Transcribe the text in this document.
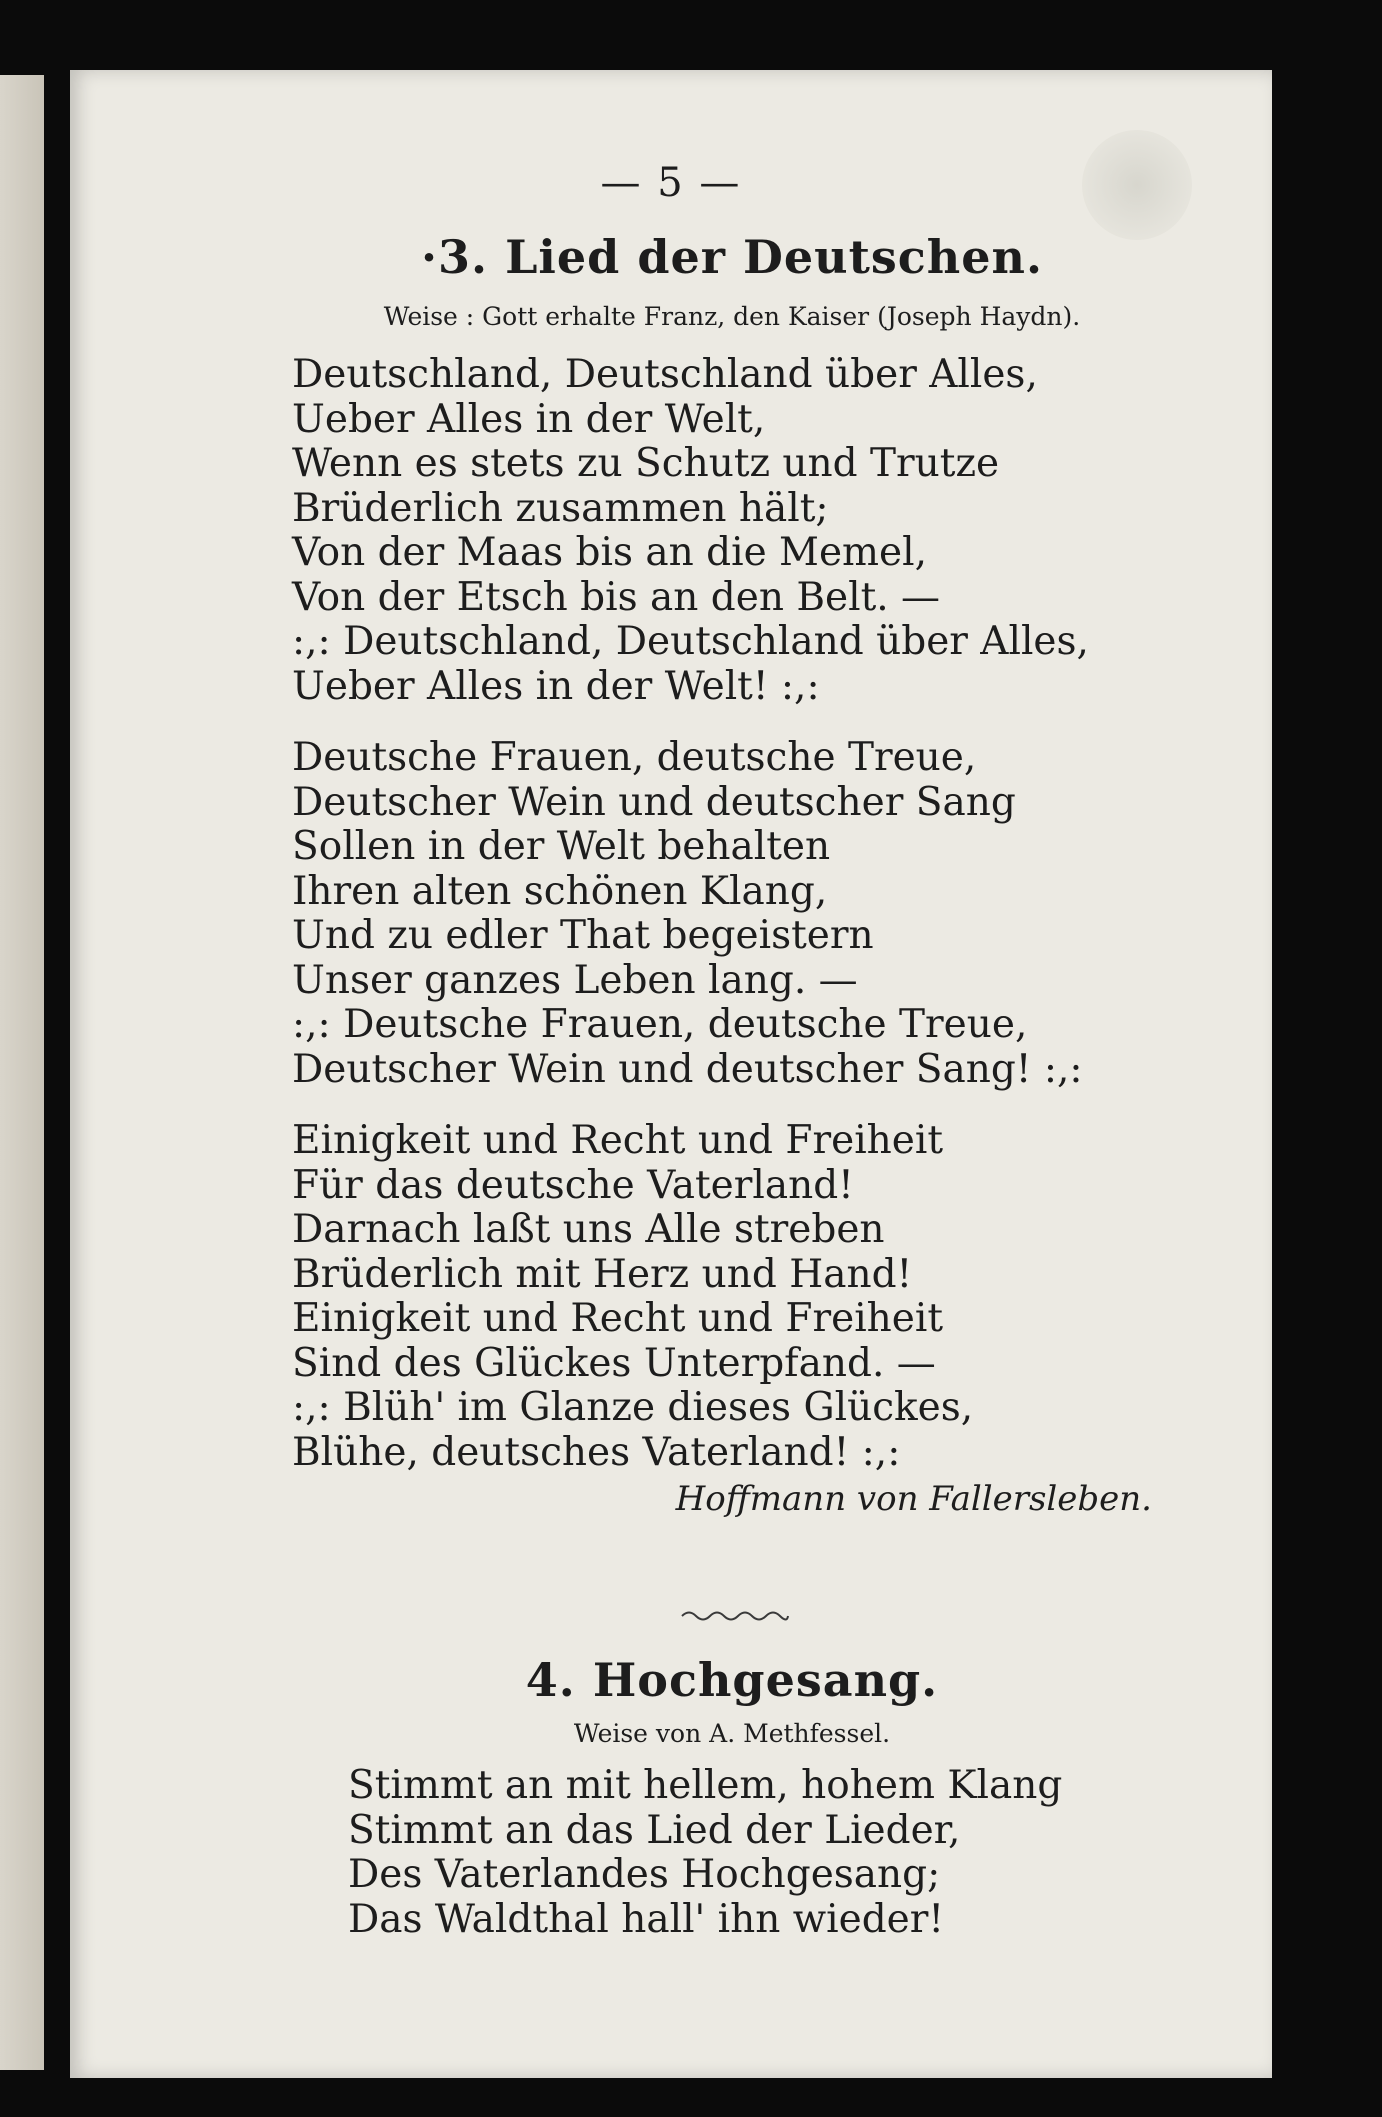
— 5 —
·3. Lied der Deutschen.
Weise : Gott erhalte Franz, den Kaiser (Joseph Haydn).
Deutschland, Deutschland über Alles,
Ueber Alles in der Welt,
Wenn es stets zu Schutz und Trutze
Brüderlich zusammen hält;
Von der Maas bis an die Memel,
Von der Etsch bis an den Belt. —
:,: Deutschland, Deutschland über Alles,
Ueber Alles in der Welt! :,:
Deutsche Frauen, deutsche Treue,
Deutscher Wein und deutscher Sang
Sollen in der Welt behalten
Ihren alten schönen Klang,
Und zu edler That begeistern
Unser ganzes Leben lang. —
:,: Deutsche Frauen, deutsche Treue,
Deutscher Wein und deutscher Sang! :,:
Einigkeit und Recht und Freiheit
Für das deutsche Vaterland!
Darnach laßt uns Alle streben
Brüderlich mit Herz und Hand!
Einigkeit und Recht und Freiheit
Sind des Glückes Unterpfand. —
:,: Blüh' im Glanze dieses Glückes,
Blühe, deutsches Vaterland! :,:
Hoffmann von Fallersleben.
4. Hochgesang.
Weise von A. Methfessel.
Stimmt an mit hellem, hohem Klang
Stimmt an das Lied der Lieder,
Des Vaterlandes Hochgesang;
Das Waldthal hall' ihn wieder!
